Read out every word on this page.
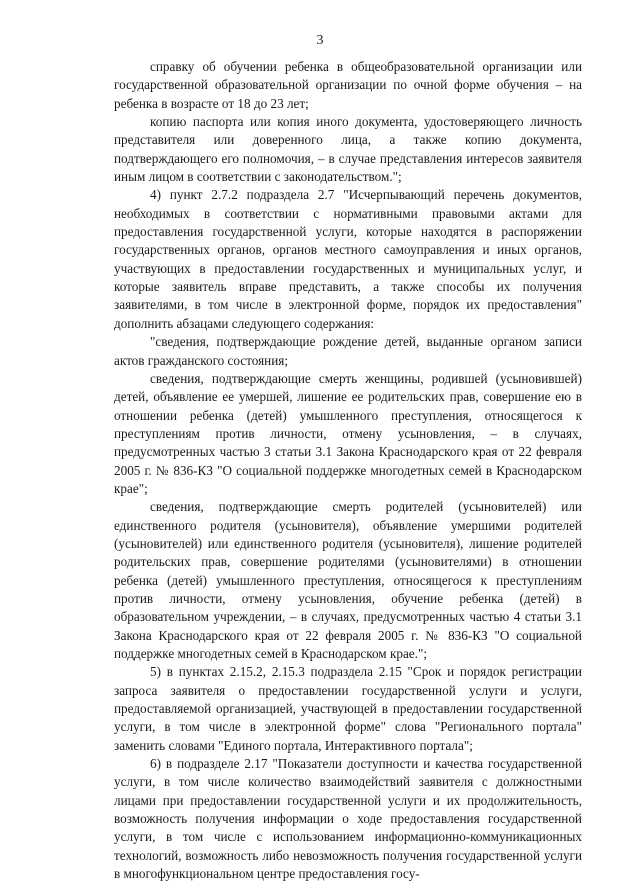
3

справку об обучении ребенка в общеобразовательной организации или государственной образовательной организации по очной форме обучения – на ребенка в возрасте от 18 до 23 лет;

копию паспорта или копия иного документа, удостоверяющего личность представителя или доверенного лица, а также копию документа, подтверждающего его полномочия, – в случае представления интересов заявителя иным лицом в соответствии с законодательством.";

4) пункт 2.7.2 подраздела 2.7 "Исчерпывающий перечень документов, необходимых в соответствии с нормативными правовыми актами для предоставления государственной услуги, которые находятся в распоряжении государственных органов, органов местного самоуправления и иных органов, участвующих в предоставлении государственных и муниципальных услуг, и которые заявитель вправе представить, а также способы их получения заявителями, в том числе в электронной форме, порядок их предоставления" дополнить абзацами следующего содержания:

"сведения, подтверждающие рождение детей, выданные органом записи актов гражданского состояния;

сведения, подтверждающие смерть женщины, родившей (усыновившей) детей, объявление ее умершей, лишение ее родительских прав, совершение ею в отношении ребенка (детей) умышленного преступления, относящегося к преступлениям против личности, отмену усыновления, – в случаях, предусмотренных частью 3 статьи 3.1 Закона Краснодарского края от 22 февраля 2005 г. № 836-КЗ "О социальной поддержке многодетных семей в Краснодарском крае";

сведения, подтверждающие смерть родителей (усыновителей) или единственного родителя (усыновителя), объявление умершими родителей (усыновителей) или единственного родителя (усыновителя), лишение родителей родительских прав, совершение родителями (усыновителями) в отношении ребенка (детей) умышленного преступления, относящегося к преступлениям против личности, отмену усыновления, обучение ребенка (детей) в образовательном учреждении, – в случаях, предусмотренных частью 4 статьи 3.1 Закона Краснодарского края от 22 февраля 2005 г. № 836-КЗ "О социальной поддержке многодетных семей в Краснодарском крае.";

5) в пунктах 2.15.2, 2.15.3 подраздела 2.15 "Срок и порядок регистрации запроса заявителя о предоставлении государственной услуги и услуги, предоставляемой организацией, участвующей в предоставлении государственной услуги, в том числе в электронной форме" слова "Регионального портала" заменить словами "Единого портала, Интерактивного портала";

6) в подразделе 2.17 "Показатели доступности и качества государственной услуги, в том числе количество взаимодействий заявителя с должностными лицами при предоставлении государственной услуги и их продолжительность, возможность получения информации о ходе предоставления государственной услуги, в том числе с использованием информационно-коммуникационных технологий, возможность либо невозможность получения государственной услуги в многофункциональном центре предоставления госу-
